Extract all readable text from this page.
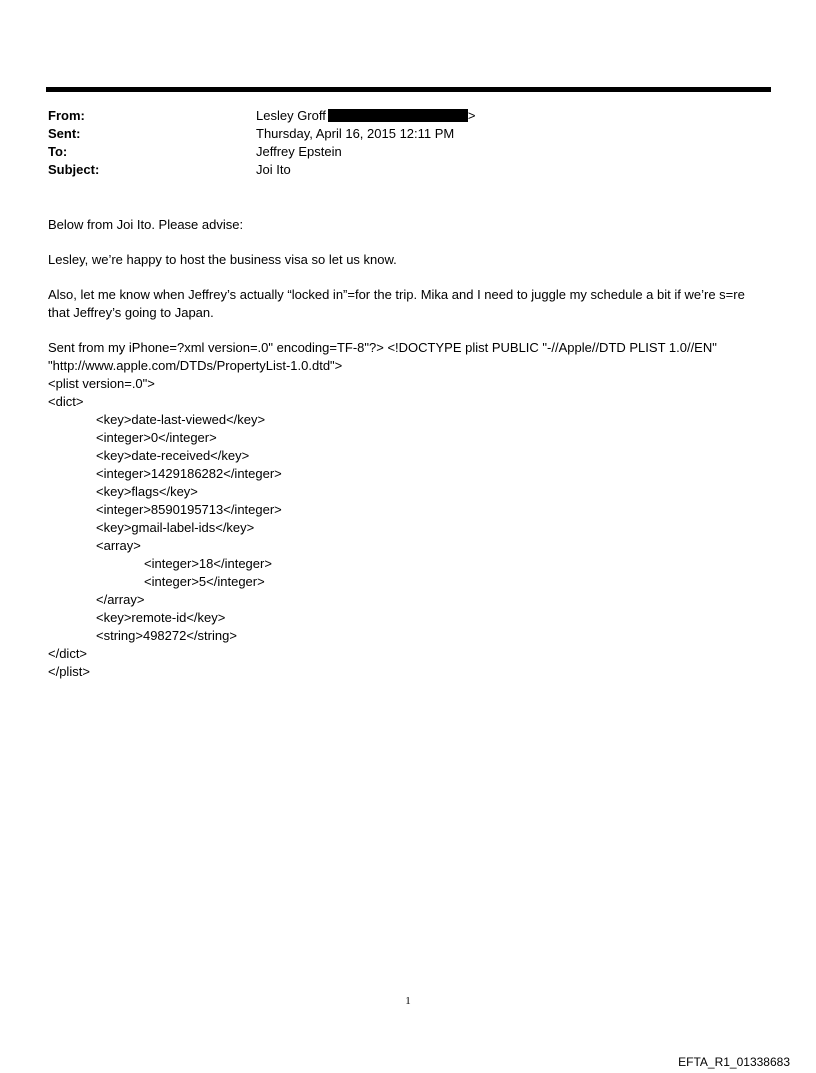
From:	Lesley Groff	>
Sent:	Thursday, April 16, 2015 12:11 PM
To:	Jeffrey Epstein
Subject:	Joi Ito

Below from Joi Ito. Please advise:

Lesley, we’re happy to host the business visa so let us know.

Also, let me know when Jeffrey’s actually “locked in”=for the trip. Mika and I need to juggle my schedule a bit if we’re s=re that Jeffrey’s going to Japan.

Sent from my iPhone=?xml version=.0" encoding=TF-8"?> <!DOCTYPE plist PUBLIC "-//Apple//DTD PLIST 1.0//EN"
"http://www.apple.com/DTDs/PropertyList-1.0.dtd">
<plist version=.0">
<dict>
<key>date-last-viewed</key>
<integer>0</integer>
<key>date-received</key>
<integer>1429186282</integer>
<key>flags</key>
<integer>8590195713</integer>
<key>gmail-label-ids</key>
<array>
<integer>18</integer>
<integer>5</integer>
</array>
<key>remote-id</key>
<string>498272</string>
</dict>
</plist>
1
EFTA_R1_01338683
